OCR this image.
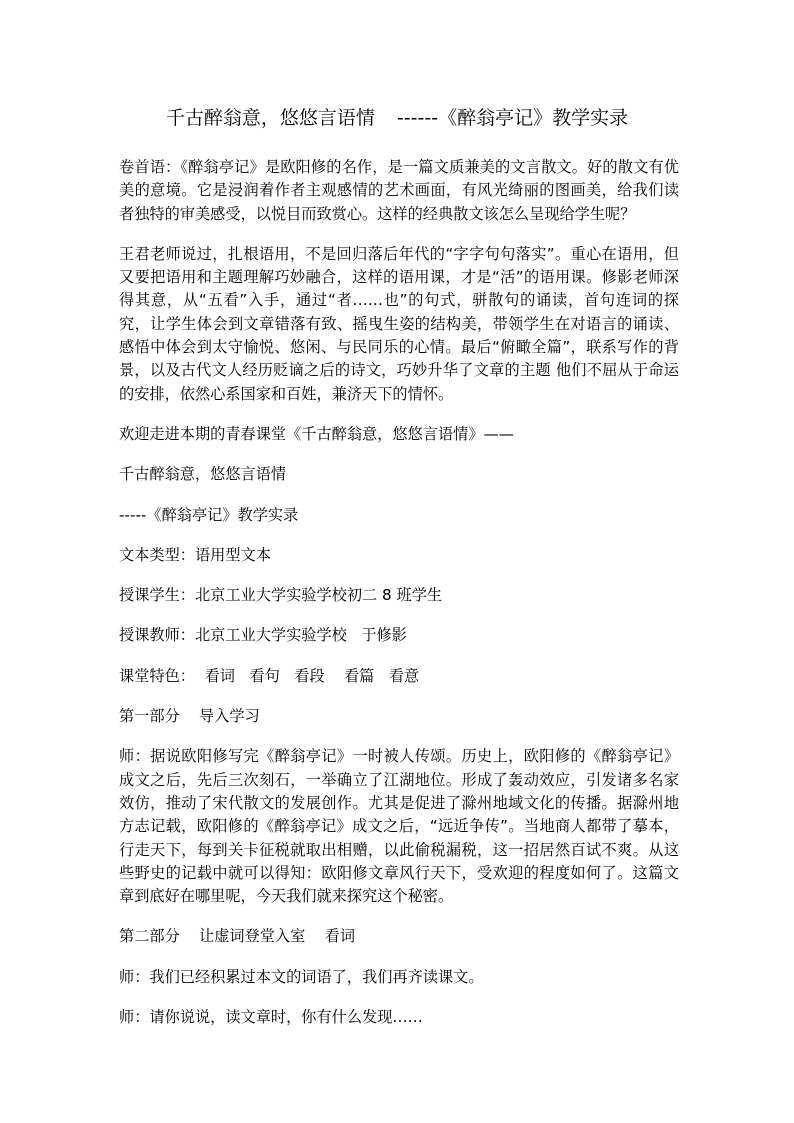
千古醉翁意，悠悠言语情 ------《醉翁亭记》教学实录

卷首语：《醉翁亭记》是欧阳修的名作，是一篇文质兼美的文言散文。好的散文有优美的意境。它是浸润着作者主观感情的艺术画面，有风光绮丽的图画美，给我们读者独特的审美感受，以悦目而致赏心。这样的经典散文该怎么呈现给学生呢？

王君老师说过，扎根语用，不是回归落后年代的“字字句句落实”。重心在语用，但又要把语用和主题理解巧妙融合，这样的语用课，才是“活”的语用课。修影老师深得其意，从“五看”入手，通过“者……也”的句式，骈散句的诵读，首句连词的探究，让学生体会到文章错落有致、摇曳生姿的结构美，带领学生在对语言的诵读、感悟中体会到太守愉悦、悠闲、与民同乐的心情。最后“俯瞰全篇”，联系写作的背景，以及古代文人经历贬谪之后的诗文，巧妙升华了文章的主题 他们不屈从于命运的安排，依然心系国家和百姓，兼济天下的情怀。

欢迎走进本期的青春课堂《千古醉翁意，悠悠言语情》——

千古醉翁意，悠悠言语情

-----《醉翁亭记》教学实录

文本类型：语用型文本

授课学生：北京工业大学实验学校初二 8 班学生

授课教师：北京工业大学实验学校   于修影

课堂特色：  看词   看句   看段    看篇   看意

第一部分    导入学习

师：据说欧阳修写完《醉翁亭记》一时被人传颂。历史上，欧阳修的《醉翁亭记》成文之后，先后三次刻石，一举确立了江湖地位。形成了轰动效应，引发诸多名家效仿，推动了宋代散文的发展创作。尤其是促进了滁州地域文化的传播。据滁州地方志记载，欧阳修的《醉翁亭记》成文之后，“远近争传”。当地商人都带了摹本，行走天下，每到关卡征税就取出相赠，以此偷税漏税，这一招居然百试不爽。从这些野史的记载中就可以得知：欧阳修文章风行天下，受欢迎的程度如何了。这篇文章到底好在哪里呢，今天我们就来探究这个秘密。

第二部分    让虚词登堂入室    看词

师：我们已经积累过本文的词语了，我们再齐读课文。

师：请你说说，读文章时，你有什么发现……
